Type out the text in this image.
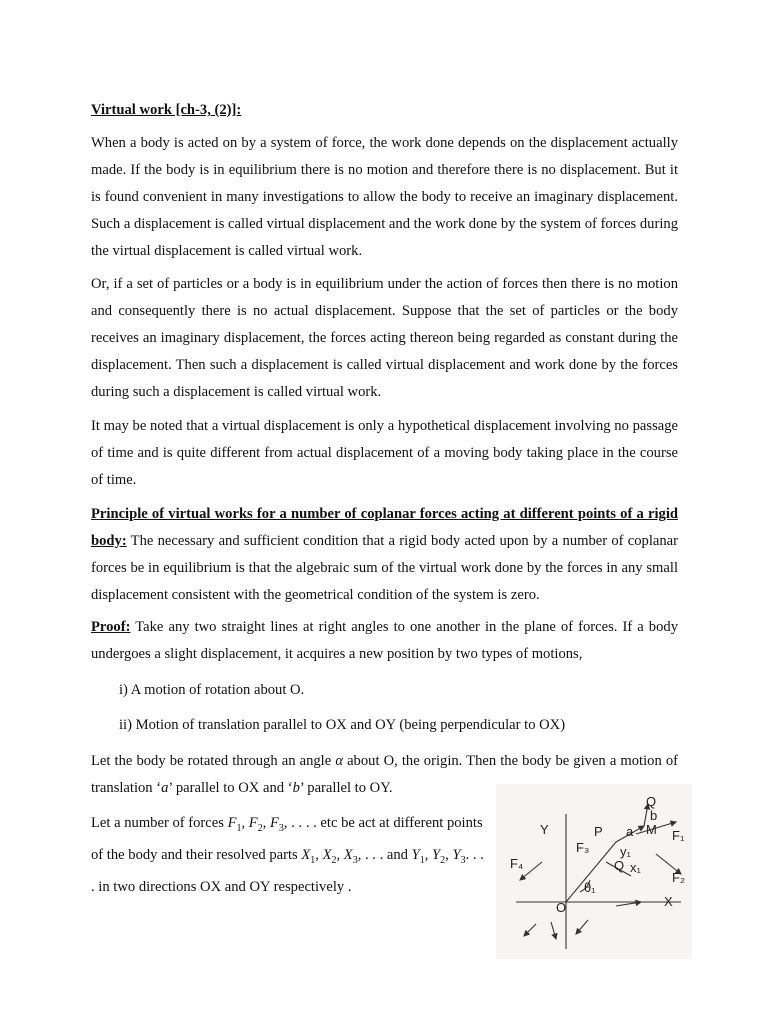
Virtual work [ch-3, (2)]:
When a body is acted on by a system of force, the work done depends on the displacement actually made. If the body is in equilibrium there is no motion and therefore there is no displacement. But it is found convenient in many investigations to allow the body to receive an imaginary displacement. Such a displacement is called virtual displacement and the work done by the system of forces during the virtual displacement is called virtual work.
Or, if a set of particles or a body is in equilibrium under the action of forces then there is no motion and consequently there is no actual displacement. Suppose that the set of particles or the body receives an imaginary displacement, the forces acting thereon being regarded as constant during the displacement. Then such a displacement is called virtual displacement and work done by the forces during such a displacement is called virtual work.
It may be noted that a virtual displacement is only a hypothetical displacement involving no passage of time and is quite different from actual displacement of a moving body taking place in the course of time.
Principle of virtual works for a number of coplanar forces acting at different points of a rigid body: The necessary and sufficient condition that a rigid body acted upon by a number of coplanar forces be in equilibrium is that the algebraic sum of the virtual work done by the forces in any small displacement consistent with the geometrical condition of the system is zero.
Proof: Take any two straight lines at right angles to one another in the plane of forces. If a body undergoes a slight displacement, it acquires a new position by two types of motions,
i) A motion of rotation about O.
ii) Motion of translation parallel to OX and OY (being perpendicular to OX)
Let the body be rotated through an angle α about O, the origin. Then the body be given a motion of translation ‘a’ parallel to OX and ‘b’ parallel to OY.
Let a number of forces $F_1$, $F_2$, $F_3$, . . . . etc be act at different points of the body and their resolved parts $X_1$, $X_2$, $X_3$, . . . and $Y_1$, $Y_2$, $Y_3$. . . . in two directions OX and OY respectively .
Y
O	X
F₁
F₂
F₃
F₄
P a
b
Q
M
θ₁
x₁
y₁
Q
